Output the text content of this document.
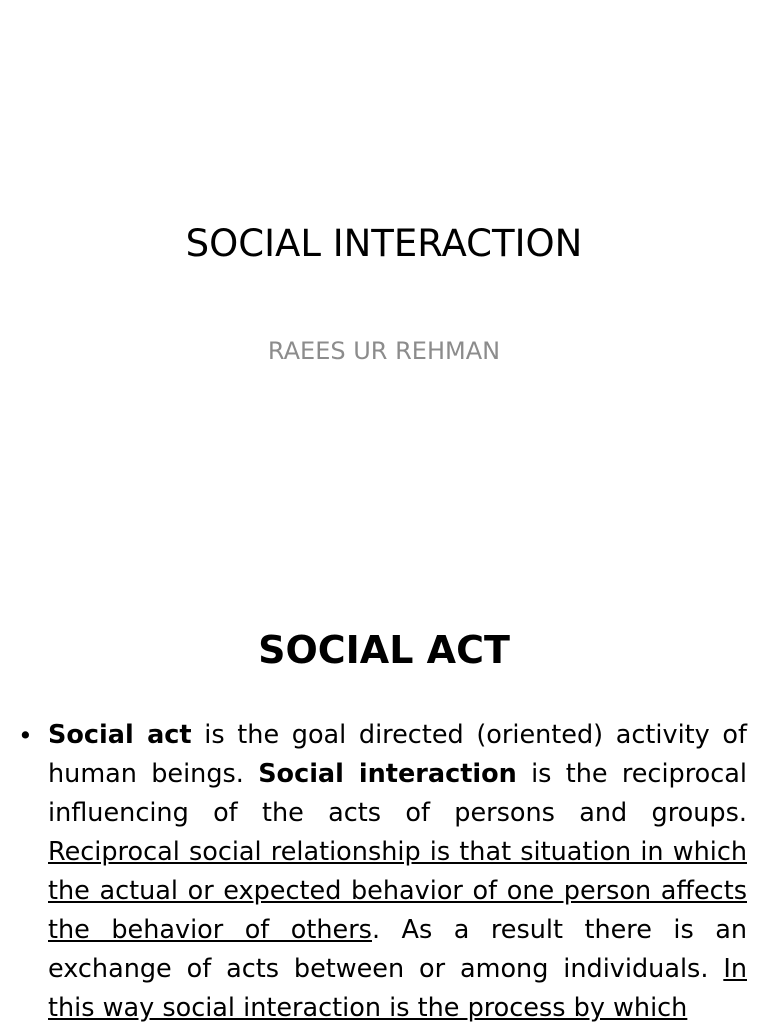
SOCIAL INTERACTION

RAEES UR REHMAN

SOCIAL ACT
• Social act is the goal directed (oriented) activity of human beings. Social interaction is the reciprocal influencing of the acts of persons and groups. Reciprocal social relationship is that situation in which the actual or expected behavior of one person affects the behavior of others. As a result there is an exchange of acts between or among individuals. In this way social interaction is the process by which
